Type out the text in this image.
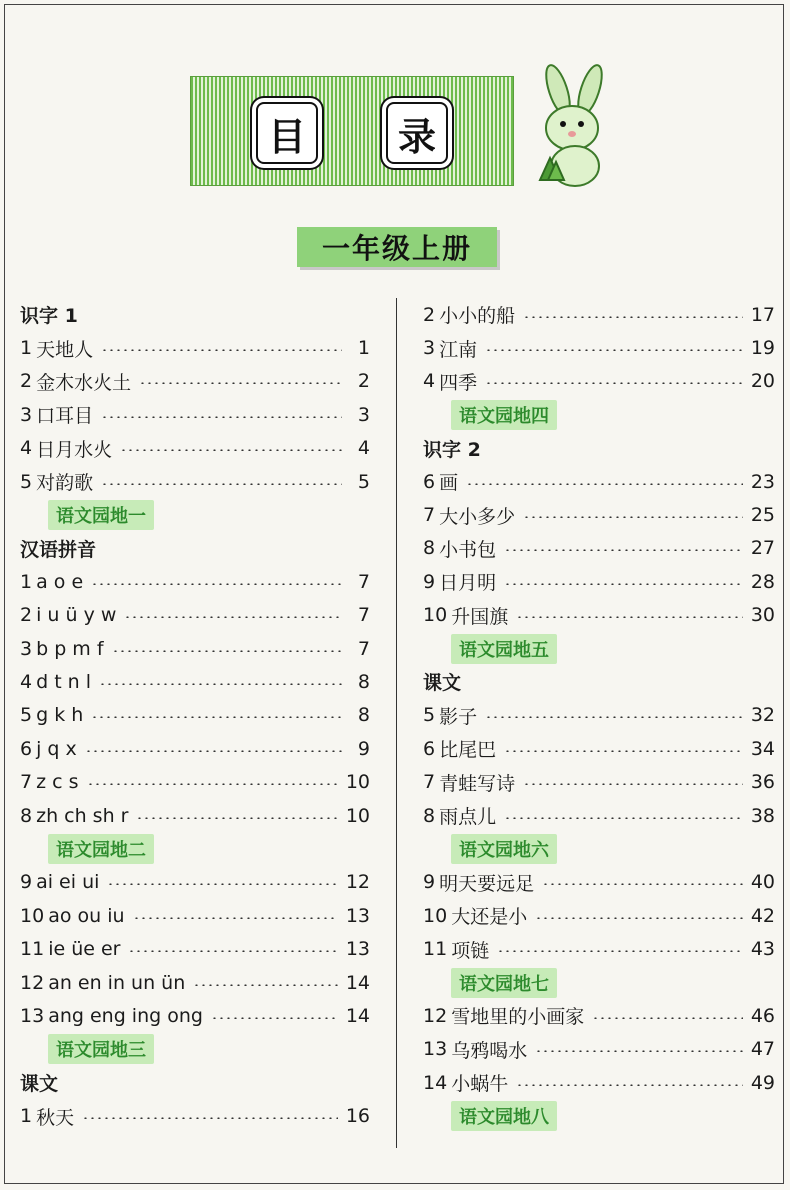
目	录
一年级上册
识字 1
1 天地人	1
2 金木水火土	2
3 口耳目	3
4 日月水火	4
5 对韵歌	5
语文园地一
汉语拼音
1 a o e	7
2 i u ü y w	7
3 b p m f	7
4 d t n l	8
5 g k h	8
6 j q x	9
7 z c s	10
8 zh ch sh r	10
语文园地二
9 ai ei ui	12
10 ao ou iu	13
11 ie üe er	13
12 an en in un ün	14
13 ang eng ing ong	14
语文园地三
课文
1 秋天	16
2 小小的船	17
3 江南	19
4 四季	20
语文园地四
识字 2
6 画	23
7 大小多少	25
8 小书包	27
9 日月明	28
10 升国旗	30
语文园地五
课文
5 影子	32
6 比尾巴	34
7 青蛙写诗	36
8 雨点儿	38
语文园地六
9 明天要远足	40
10 大还是小	42
11 项链	43
语文园地七
12 雪地里的小画家	46
13 乌鸦喝水	47
14 小蜗牛	49
语文园地八
